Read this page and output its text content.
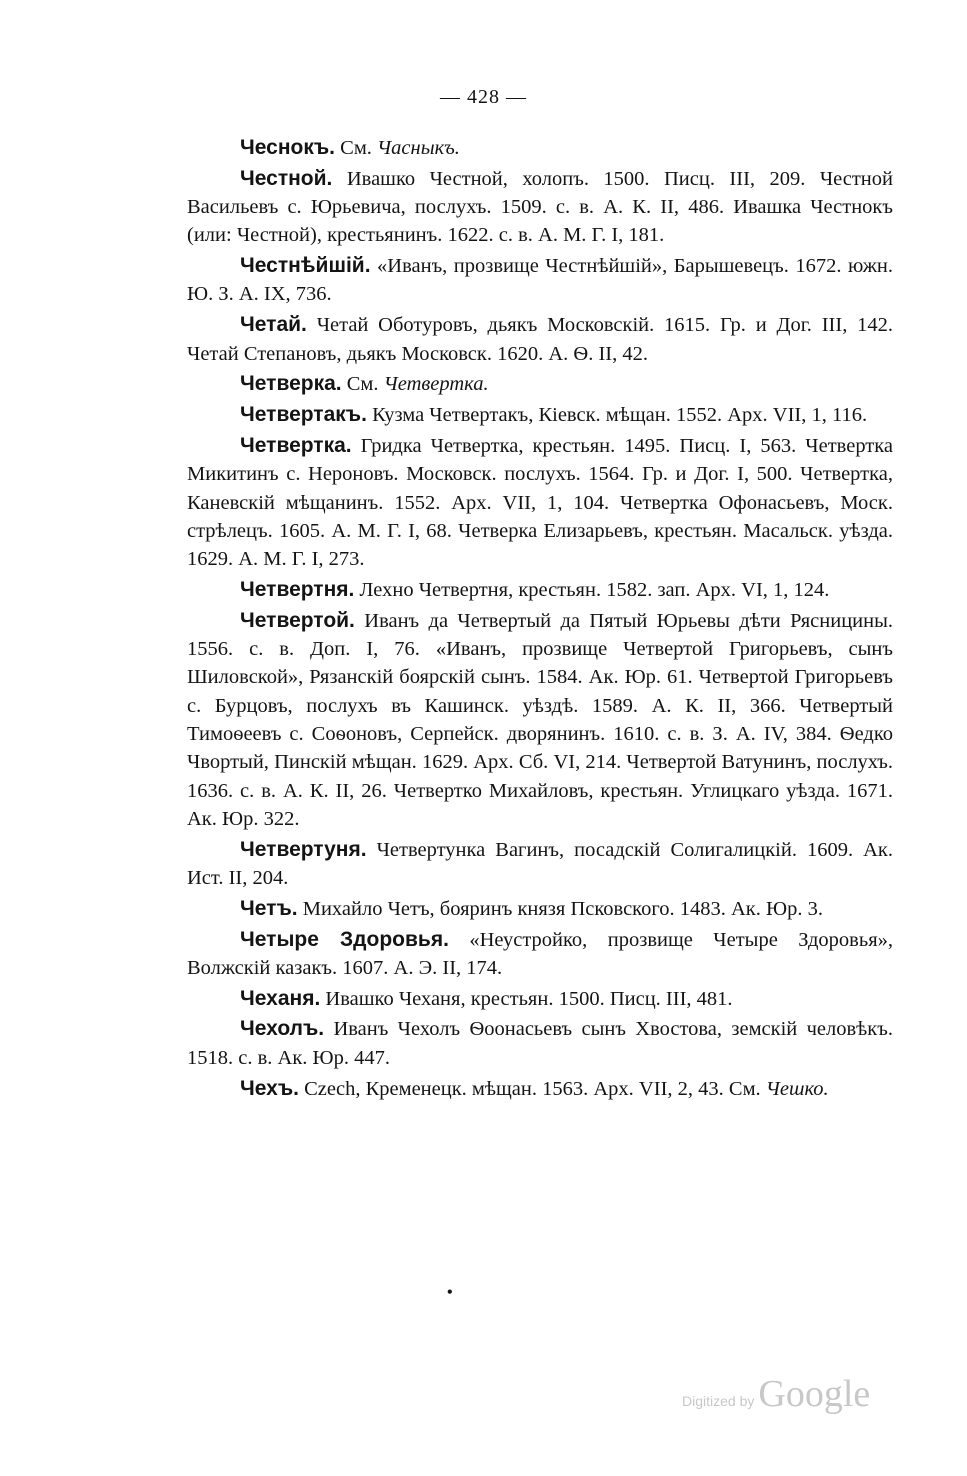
— 428 —

Чеснокъ. См. Часныкъ.

Честной. Ивашко Честной, холопъ. 1500. Писц. III, 209. Честной Васильевъ с. Юрьевича, послухъ. 1509. с. в. А. К. II, 486. Ивашка Честнокъ (или: Честной), крестьянинъ. 1622. с. в. А. М. Г. I, 181.

Честнѣйшій. «Иванъ, прозвище Честнѣйшій», Барышевецъ. 1672. южн. Ю. З. А. IX, 736.

Четай. Четай Оботуровъ, дьякъ Московскій. 1615. Гр. и Дог. III, 142. Четай Степановъ, дьякъ Московск. 1620. А. Ѳ. II, 42.

Четверка. См. Четвертка.

Четвертакъ. Кузма Четвертакъ, Кіевск. мѣщан. 1552. Арх. VII, 1, 116.

Четвертка. Гридка Четвертка, крестьян. 1495. Писц. I, 563. Четвертка Микитинъ с. Нероновъ. Московск. послухъ. 1564. Гр. и Дог. I, 500. Четвертка, Каневскій мѣщанинъ. 1552. Арх. VII, 1, 104. Четвертка Офонасьевъ, Моск. стрѣлецъ. 1605. А. М. Г. I, 68. Четверка Елизарьевъ, крестьян. Масальск. уѣзда. 1629. А. М. Г. I, 273.

Четвертня. Лехно Четвертня, крестьян. 1582. зап. Арх. VI, 1, 124.

Четвертой. Иванъ да Четвертый да Пятый Юрьевы дѣти Рясницины. 1556. с. в. Доп. I, 76. «Иванъ, прозвище Четвертой Григорьевъ, сынъ Шиловской», Рязанскій боярскій сынъ. 1584. Ак. Юр. 61. Четвертой Григорьевъ с. Бурцовъ, послухъ въ Кашинск. уѣздѣ. 1589. А. К. II, 366. Четвертый Тимоѳеевъ с. Соѳоновъ, Серпейск. дворянинъ. 1610. с. в. З. А. IV, 384. Ѳедко Чвортый, Пинскій мѣщан. 1629. Арх. Сб. VI, 214. Четвертой Ватунинъ, послухъ. 1636. с. в. А. К. II, 26. Четвертко Михайловъ, крестьян. Углицкаго уѣзда. 1671. Ак. Юр. 322.

Четвертуня. Четвертунка Вагинъ, посадскій Солигалицкій. 1609. Ак. Ист. II, 204.

Четъ. Михайло Четъ, бояринъ князя Псковского. 1483. Ак. Юр. 3.

Четыре Здоровья. «Неустройко, прозвище Четыре Здоровья», Волжскій казакъ. 1607. А. Э. II, 174.

Чеханя. Ивашко Чеханя, крестьян. 1500. Писц. III, 481.

Чехолъ. Иванъ Чехолъ Ѳоонасьевъ сынъ Хвостова, земскій человѣкъ. 1518. с. в. Ак. Юр. 447.

Чехъ. Czech, Кременецк. мѣщан. 1563. Арх. VII, 2, 43. См. Чешко.

•
Digitized by Google
